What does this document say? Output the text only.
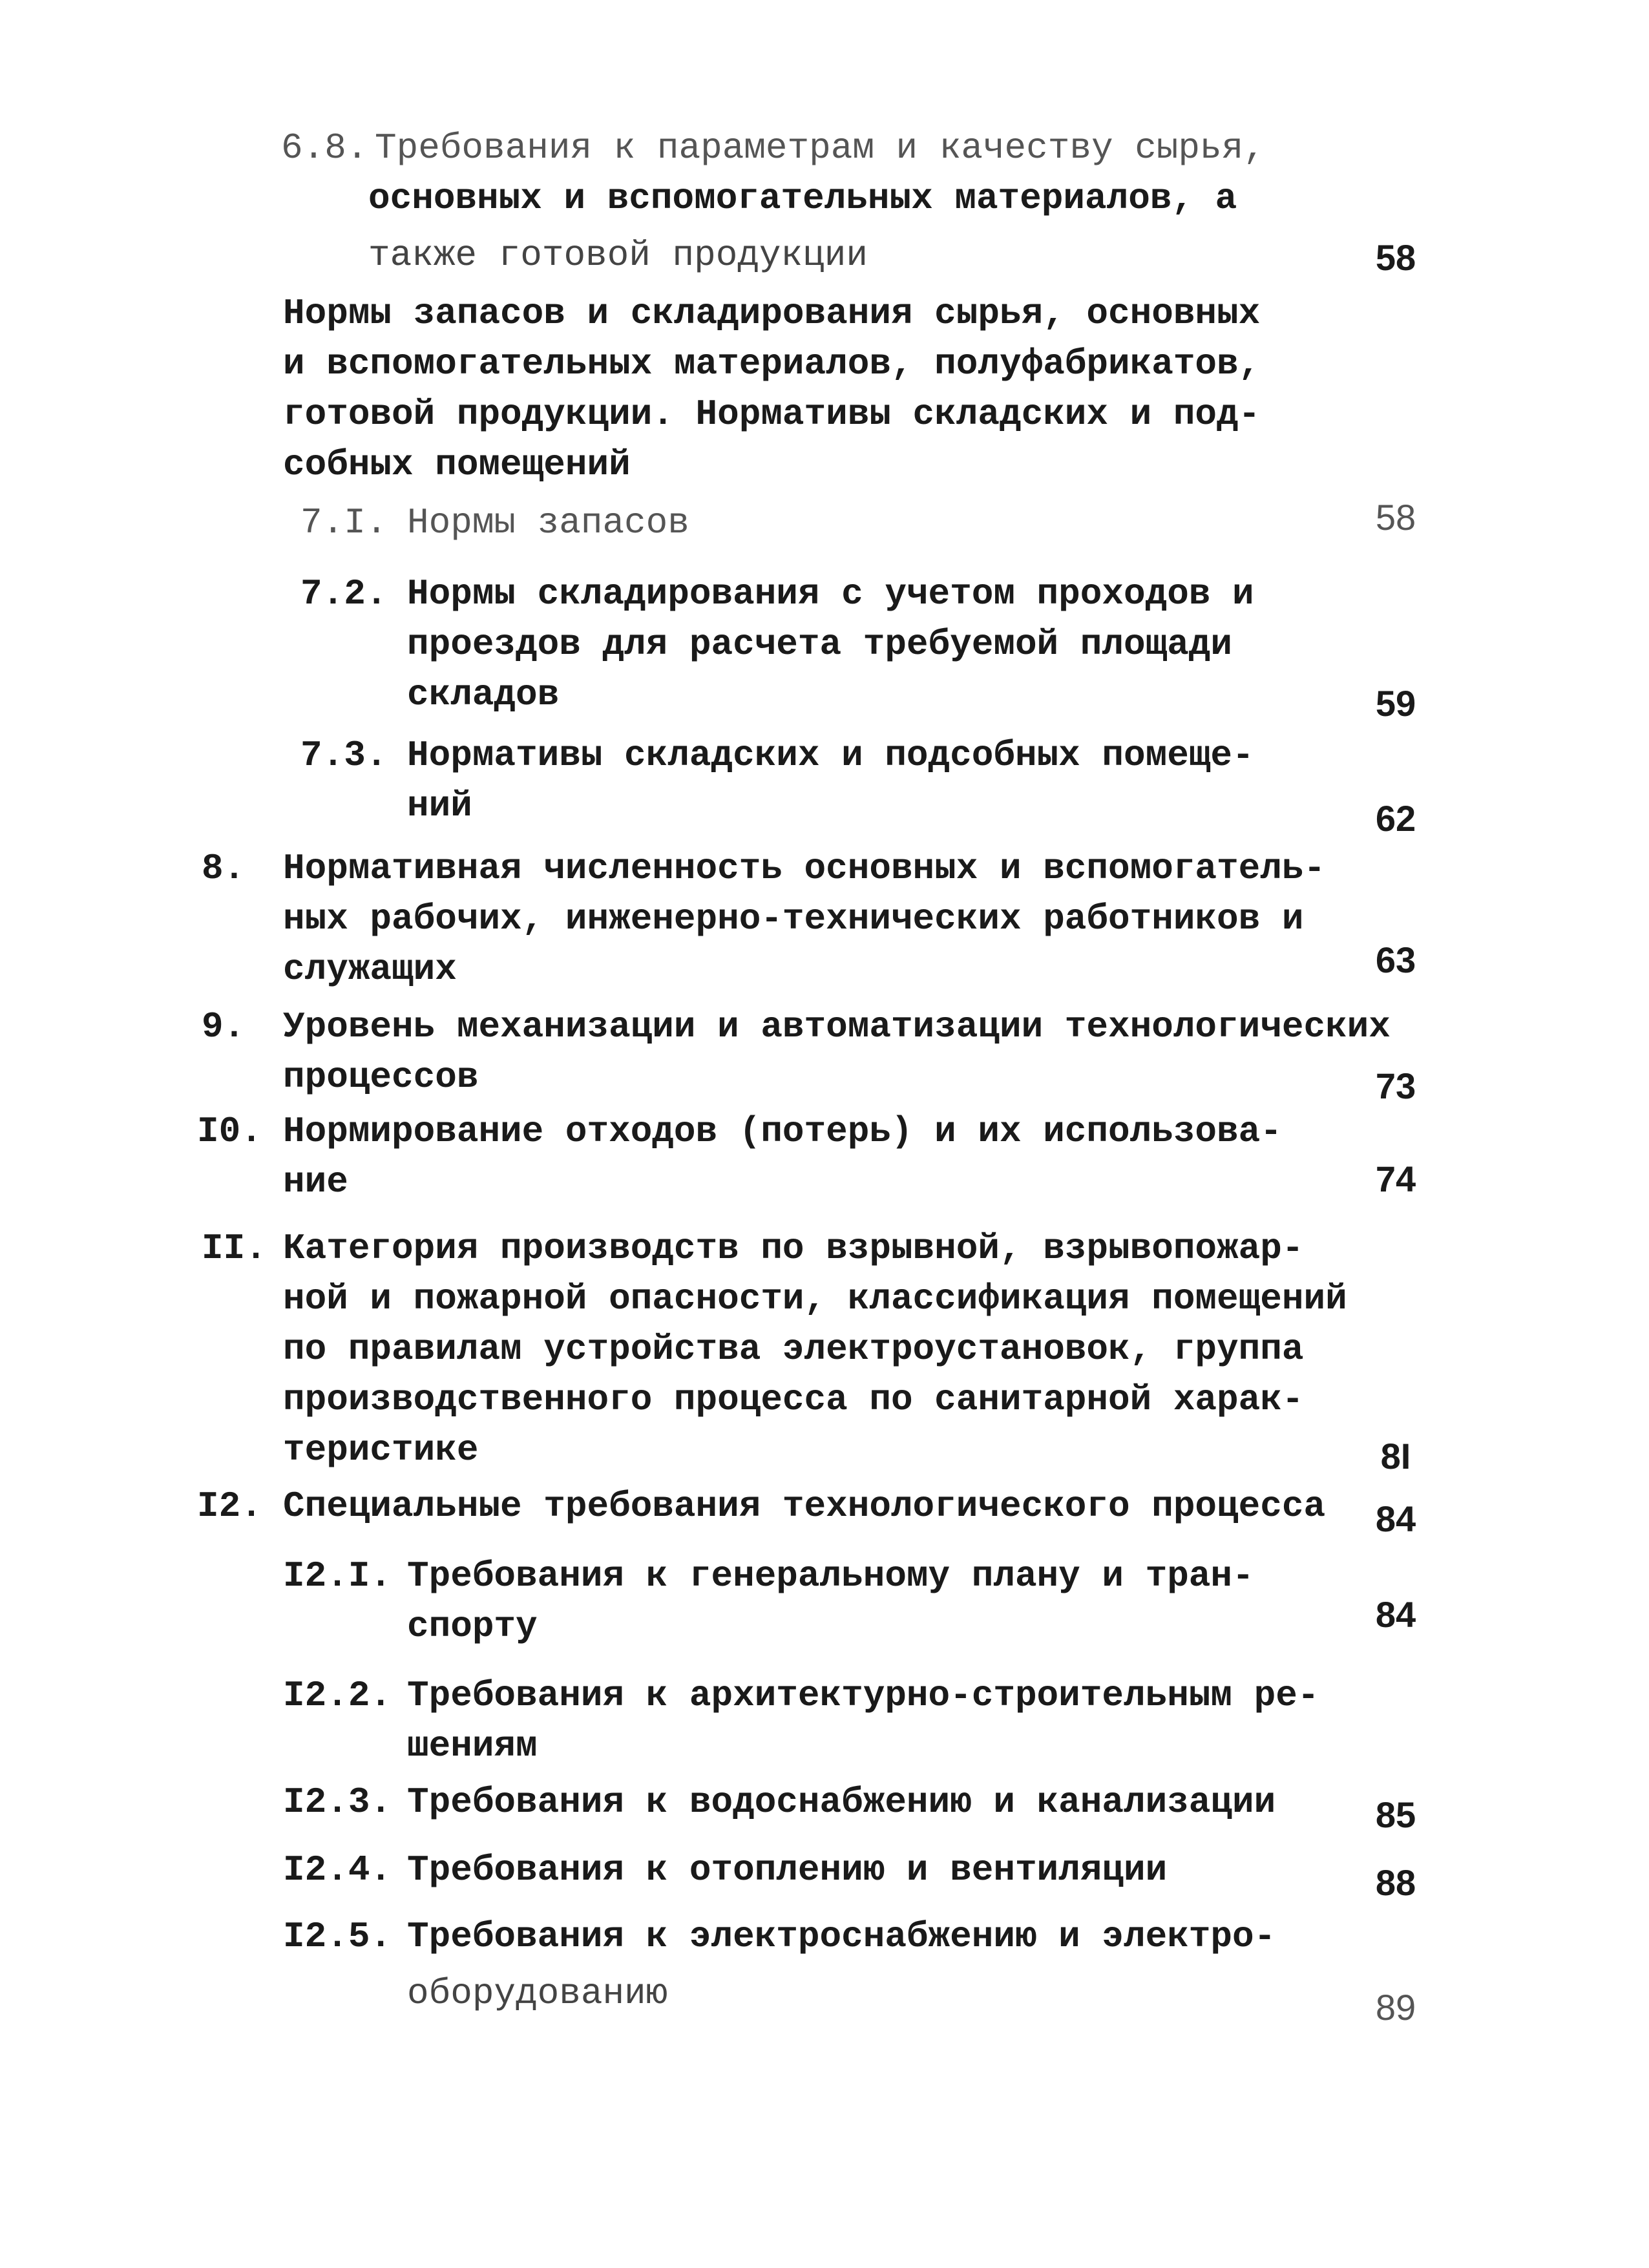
6.8. Требования к параметрам и качеству сырья,
основных и вспомогательных материалов, а
также готовой продукции	58
Нормы запасов и складирования сырья, основных
и вспомогательных материалов, полуфабрикатов,
готовой продукции. Нормативы складских и под-
собных помещений
7.I. Нормы запасов	58
7.2. Нормы складирования с учетом проходов и
проездов для расчета требуемой площади
складов	59
7.3. Нормативы складских и подсобных помеще-
ний	62
8. Нормативная численность основных и вспомогатель-
ных рабочих, инженерно-технических работников и
служащих	63
9. Уровень механизации и автоматизации технологических
процессов	73
I0. Нормирование отходов (потерь) и их использова-
ние	74
II. Категория производств по взрывной, взрывопожар-
ной и пожарной опасности, классификация помещений
по правилам устройства электроустановок, группа
производственного процесса по санитарной харак-
теристике	8I
I2. Специальные требования технологического процесса	84
I2.I. Требования к генеральному плану и тран-
спорту	84
I2.2. Требования к архитектурно-строительным ре-
шениям
I2.3. Требования к водоснабжению и канализации	85
I2.4. Требования к отоплению и вентиляции	88
I2.5. Требования к электроснабжению и электро-
оборудованию	89
